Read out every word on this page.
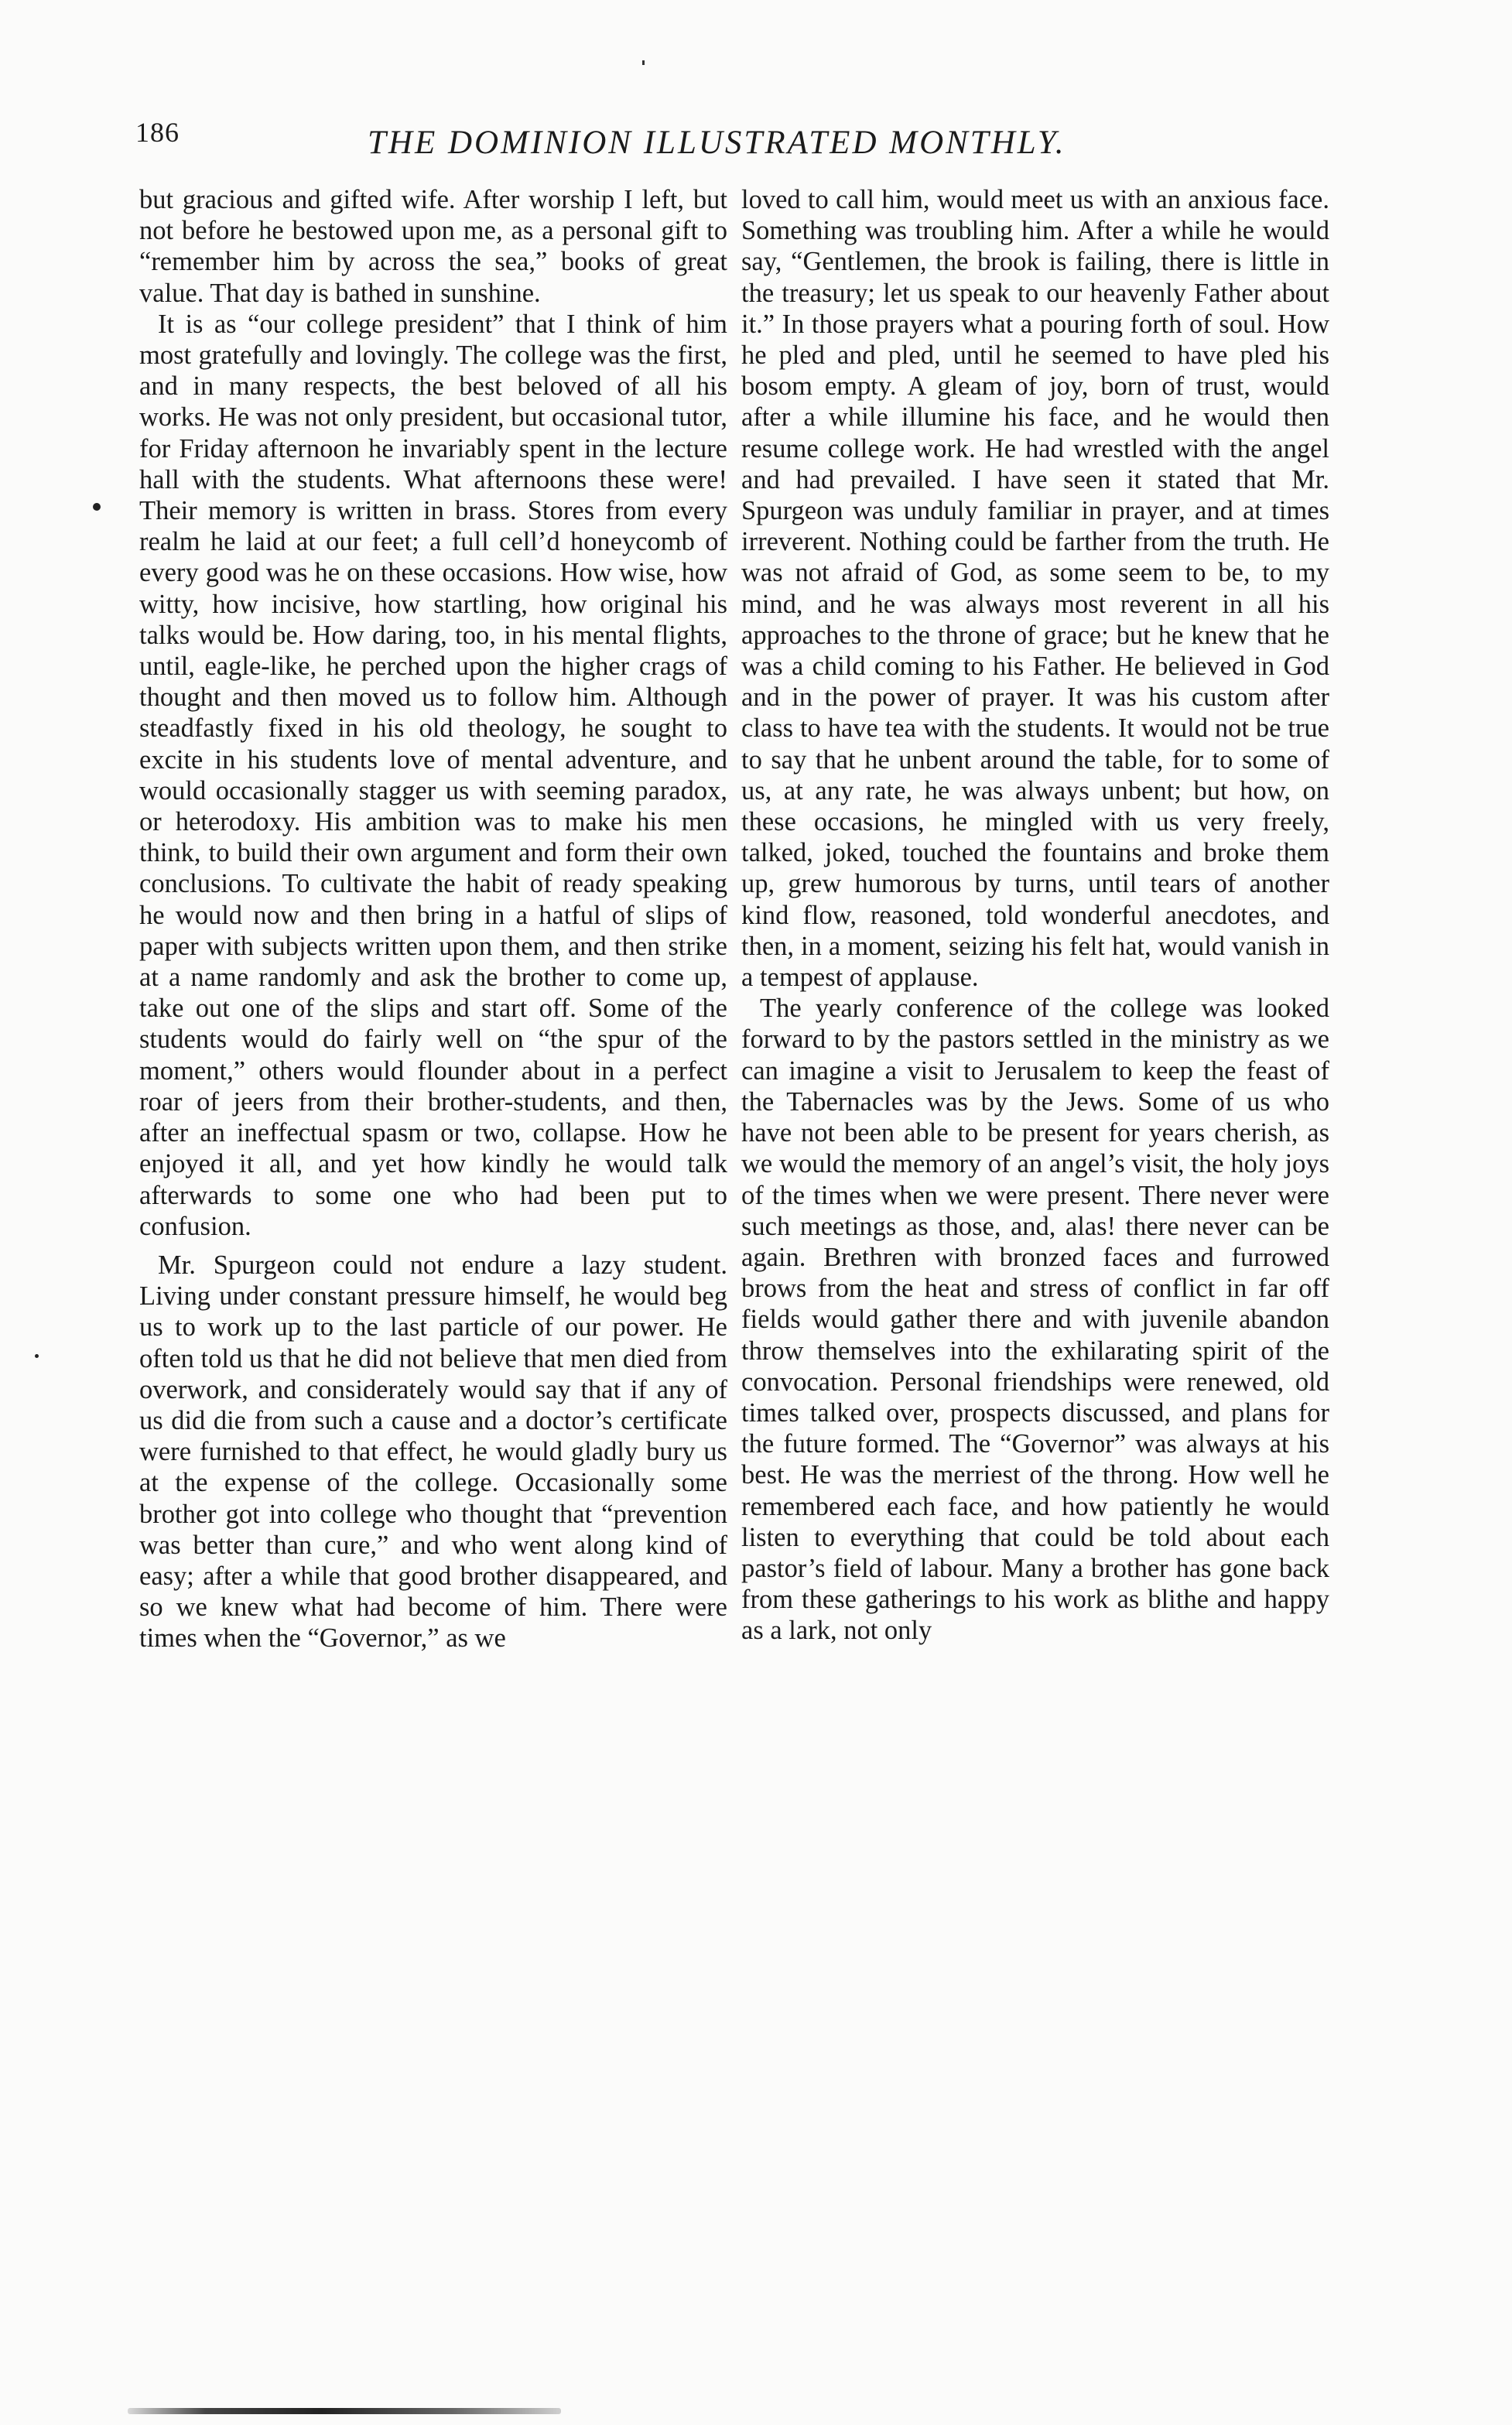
186	THE DOMINION ILLUSTRATED MONTHLY.

but gracious and gifted wife. After worship I left, but not before he bestowed upon me, as a personal gift to “remember him by across the sea,” books of great value. That day is bathed in sunshine.

It is as “our college president” that I think of him most gratefully and lovingly. The college was the first, and in many respects, the best beloved of all his works. He was not only president, but occasional tutor, for Friday afternoon he invariably spent in the lecture hall with the students. What afternoons these were! Their memory is written in brass. Stores from every realm he laid at our feet; a full cell’d honeycomb of every good was he on these occasions. How wise, how witty, how incisive, how startling, how original his talks would be. How daring, too, in his mental flights, until, eagle-like, he perched upon the higher crags of thought and then moved us to follow him. Although steadfastly fixed in his old theology, he sought to excite in his students love of mental adventure, and would occasionally stagger us with seeming paradox, or heterodoxy. His ambition was to make his men think, to build their own argument and form their own conclusions. To cultivate the habit of ready speaking he would now and then bring in a hatful of slips of paper with subjects written upon them, and then strike at a name randomly and ask the brother to come up, take out one of the slips and start off. Some of the students would do fairly well on “the spur of the moment,” others would flounder about in a perfect roar of jeers from their brother-students, and then, after an ineffectual spasm or two, collapse. How he enjoyed it all, and yet how kindly he would talk afterwards to some one who had been put to confusion.

Mr. Spurgeon could not endure a lazy student. Living under constant pressure himself, he would beg us to work up to the last particle of our power. He often told us that he did not believe that men died from overwork, and considerately would say that if any of us did die from such a cause and a doctor’s certificate were furnished to that effect, he would gladly bury us at the expense of the college. Occasionally some brother got into college who thought that “prevention was better than cure,” and who went along kind of easy; after a while that good brother disappeared, and so we knew what had become of him. There were times when the “Governor,” as we

loved to call him, would meet us with an anxious face. Something was troubling him. After a while he would say, “Gentlemen, the brook is failing, there is little in the treasury; let us speak to our heavenly Father about it.” In those prayers what a pouring forth of soul. How he pled and pled, until he seemed to have pled his bosom empty. A gleam of joy, born of trust, would after a while illumine his face, and he would then resume college work. He had wrestled with the angel and had prevailed. I have seen it stated that Mr. Spurgeon was unduly familiar in prayer, and at times irreverent. Nothing could be farther from the truth. He was not afraid of God, as some seem to be, to my mind, and he was always most reverent in all his approaches to the throne of grace; but he knew that he was a child coming to his Father. He believed in God and in the power of prayer. It was his custom after class to have tea with the students. It would not be true to say that he unbent around the table, for to some of us, at any rate, he was always unbent; but how, on these occasions, he mingled with us very freely, talked, joked, touched the fountains and broke them up, grew humorous by turns, until tears of another kind flow, reasoned, told wonderful anecdotes, and then, in a moment, seizing his felt hat, would vanish in a tempest of applause.

The yearly conference of the college was looked forward to by the pastors settled in the ministry as we can imagine a visit to Jerusalem to keep the feast of the Tabernacles was by the Jews. Some of us who have not been able to be present for years cherish, as we would the memory of an angel’s visit, the holy joys of the times when we were present. There never were such meetings as those, and, alas! there never can be again. Brethren with bronzed faces and furrowed brows from the heat and stress of conflict in far off fields would gather there and with juvenile abandon throw themselves into the exhilarating spirit of the convocation. Personal friendships were renewed, old times talked over, prospects discussed, and plans for the future formed. The “Governor” was always at his best. He was the merriest of the throng. How well he remembered each face, and how patiently he would listen to everything that could be told about each pastor’s field of labour. Many a brother has gone back from these gatherings to his work as blithe and happy as a lark, not only
